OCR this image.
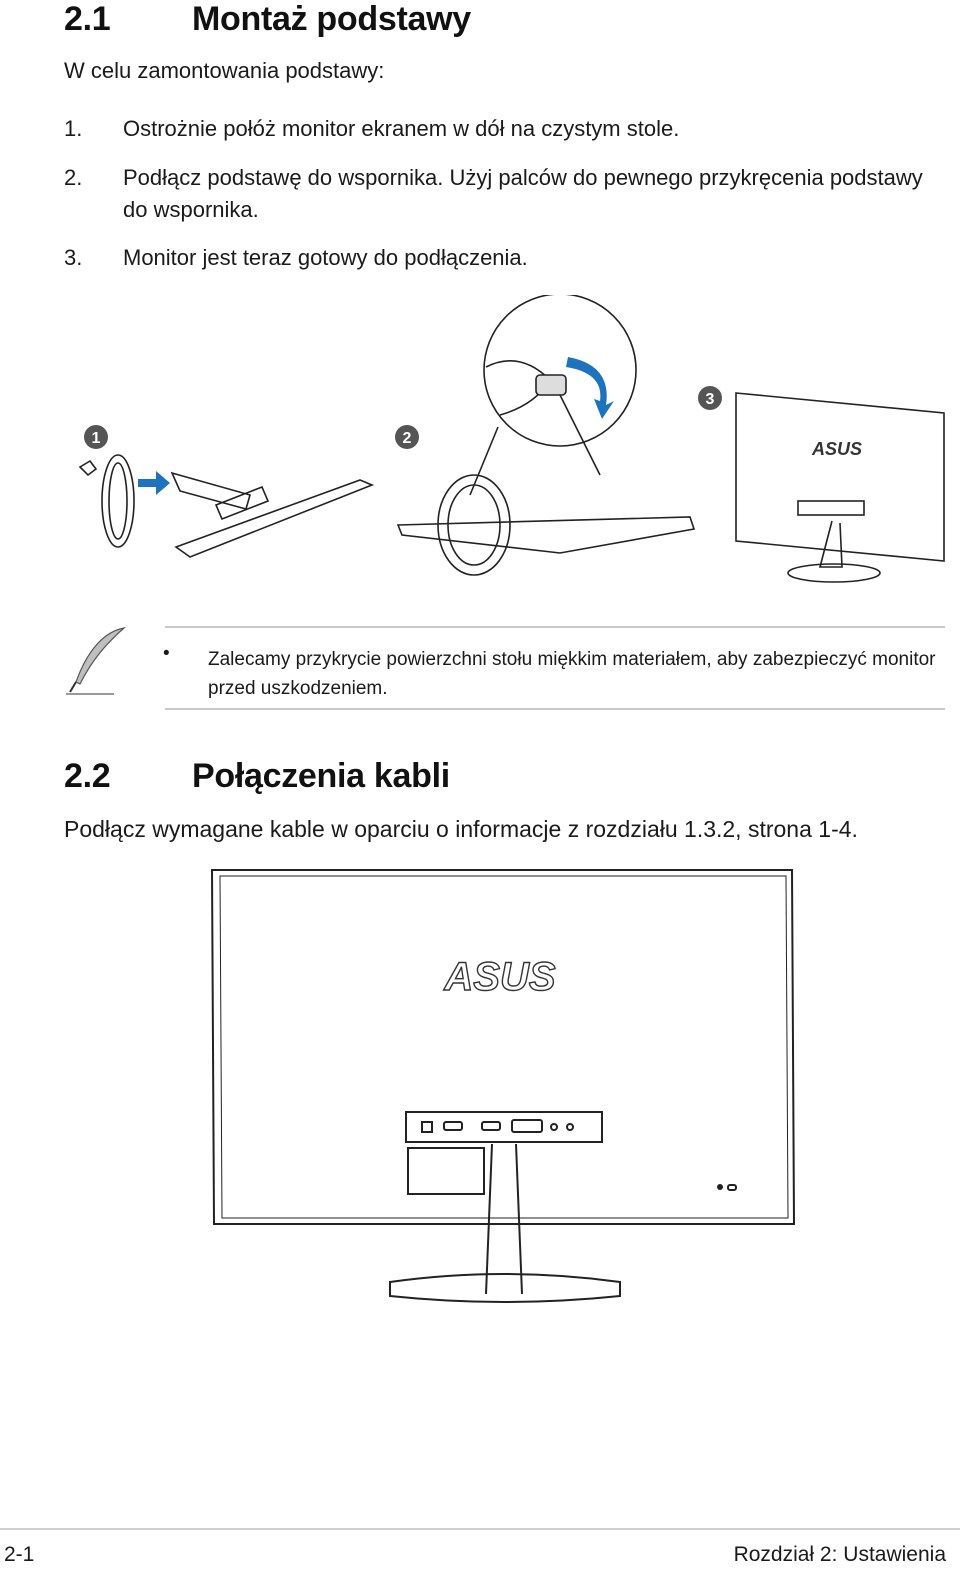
2.1 Montaż podstawy
W celu zamontowania podstawy:
1. Ostrożnie połóż monitor ekranem w dół na czystym stole.
2. Podłącz podstawę do wspornika. Użyj palców do pewnego przykręcenia podstawy do wspornika.
3. Monitor jest teraz gotowy do podłączenia.
ASUS
1	2
3
• Zalecamy przykrycie powierzchni stołu miękkim materiałem, aby zabezpieczyć monitor przed uszkodzeniem.
2.2 Połączenia kabli
Podłącz wymagane kable w oparciu o informacje z rozdziału 1.3.2, strona 1-4.
ASUS
2-1	Rozdział 2: Ustawienia
